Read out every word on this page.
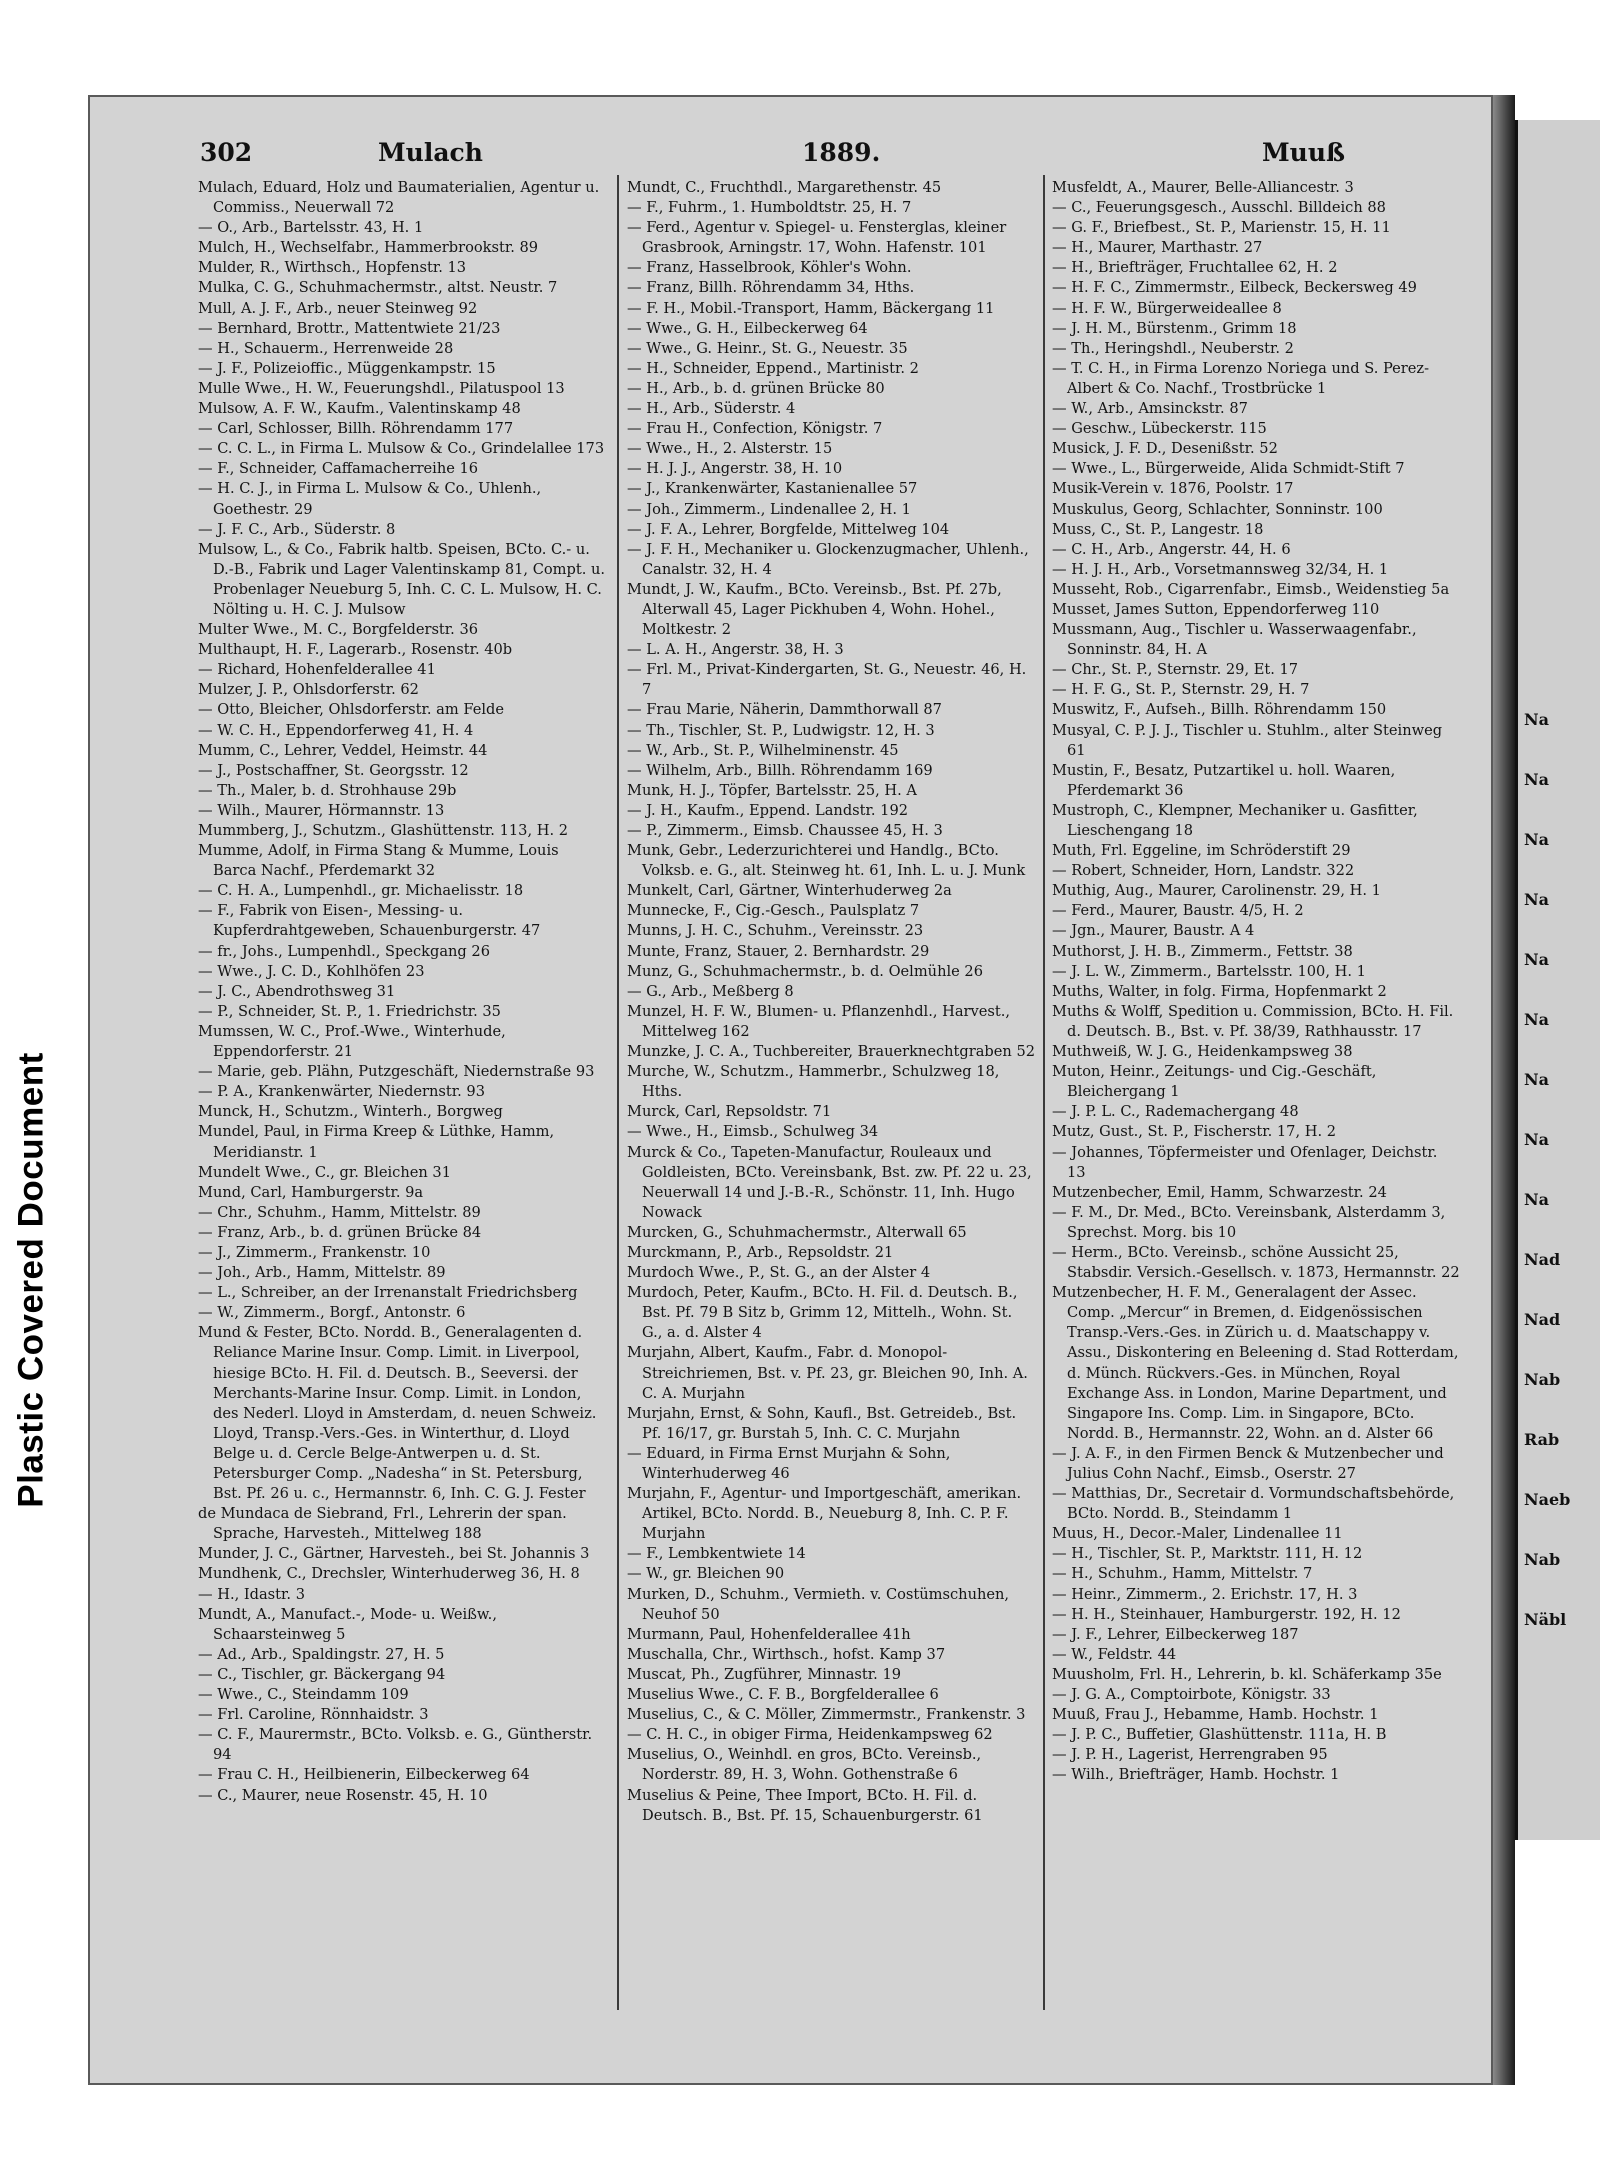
Plastic Covered Document
Na
Na
Na
Na
Na
Na
Na
Na
Na
Nad
Nad
Nab
Rab
Naeb
Nab
Näbl
302	Mulach	1889.	Muuß

Mulach, Eduard, Holz und Baumaterialien, Agentur u. Commiss., Neuerwall 72

— O., Arb., Bartelsstr. 43, H. 1

Mulch, H., Wechselfabr., Hammerbrookstr. 89

Mulder, R., Wirthsch., Hopfenstr. 13

Mulka, C. G., Schuhmachermstr., altst. Neustr. 7

Mull, A. J. F., Arb., neuer Steinweg 92

— Bernhard, Brottr., Mattentwiete 21/23

— H., Schauerm., Herrenweide 28

— J. F., Polizeioffic., Müggenkampstr. 15

Mulle Wwe., H. W., Feuerungshdl., Pilatuspool 13

Mulsow, A. F. W., Kaufm., Valentinskamp 48

— Carl, Schlosser, Billh. Röhrendamm 177

— C. C. L., in Firma L. Mulsow & Co., Grindelallee 173

— F., Schneider, Caffamacherreihe 16

— H. C. J., in Firma L. Mulsow & Co., Uhlenh., Goethestr. 29

— J. F. C., Arb., Süderstr. 8

Mulsow, L., & Co., Fabrik haltb. Speisen, BCto. C.- u. D.-B., Fabrik und Lager Valentinskamp 81, Compt. u. Probenlager Neueburg 5, Inh. C. C. L. Mulsow, H. C. Nölting u. H. C. J. Mulsow

Multer Wwe., M. C., Borgfelderstr. 36

Multhaupt, H. F., Lagerarb., Rosenstr. 40b

— Richard, Hohenfelderallee 41

Mulzer, J. P., Ohlsdorferstr. 62

— Otto, Bleicher, Ohlsdorferstr. am Felde

— W. C. H., Eppendorferweg 41, H. 4

Mumm, C., Lehrer, Veddel, Heimstr. 44

— J., Postschaffner, St. Georgsstr. 12

— Th., Maler, b. d. Strohhause 29b

— Wilh., Maurer, Hörmannstr. 13

Mummberg, J., Schutzm., Glashüttenstr. 113, H. 2

Mumme, Adolf, in Firma Stang & Mumme, Louis Barca Nachf., Pferdemarkt 32

— C. H. A., Lumpenhdl., gr. Michaelisstr. 18

— F., Fabrik von Eisen-, Messing- u. Kupferdrahtgeweben, Schauenburgerstr. 47

— fr., Johs., Lumpenhdl., Speckgang 26

— Wwe., J. C. D., Kohlhöfen 23

— J. C., Abendrothsweg 31

— P., Schneider, St. P., 1. Friedrichstr. 35

Mumssen, W. C., Prof.-Wwe., Winterhude, Eppendorferstr. 21

— Marie, geb. Plähn, Putzgeschäft, Niedernstraße 93

— P. A., Krankenwärter, Niedernstr. 93

Munck, H., Schutzm., Winterh., Borgweg

Mundel, Paul, in Firma Kreep & Lüthke, Hamm, Meridianstr. 1

Mundelt Wwe., C., gr. Bleichen 31

Mund, Carl, Hamburgerstr. 9a

— Chr., Schuhm., Hamm, Mittelstr. 89

— Franz, Arb., b. d. grünen Brücke 84

— J., Zimmerm., Frankenstr. 10

— Joh., Arb., Hamm, Mittelstr. 89

— L., Schreiber, an der Irrenanstalt Friedrichsberg

— W., Zimmerm., Borgf., Antonstr. 6

Mund & Fester, BCto. Nordd. B., Generalagenten d. Reliance Marine Insur. Comp. Limit. in Liverpool, hiesige BCto. H. Fil. d. Deutsch. B., Seeversi. der Merchants-Marine Insur. Comp. Limit. in London, des Nederl. Lloyd in Amsterdam, d. neuen Schweiz. Lloyd, Transp.-Vers.-Ges. in Winterthur, d. Lloyd Belge u. d. Cercle Belge-Antwerpen u. d. St. Petersburger Comp. „Nadesha“ in St. Petersburg, Bst. Pf. 26 u. c., Hermannstr. 6, Inh. C. G. J. Fester

de Mundaca de Siebrand, Frl., Lehrerin der span. Sprache, Harvesteh., Mittelweg 188

Munder, J. C., Gärtner, Harvesteh., bei St. Johannis 3

Mundhenk, C., Drechsler, Winterhuderweg 36, H. 8

— H., Idastr. 3

Mundt, A., Manufact.-, Mode- u. Weißw., Schaarsteinweg 5

— Ad., Arb., Spaldingstr. 27, H. 5

— C., Tischler, gr. Bäckergang 94

— Wwe., C., Steindamm 109

— Frl. Caroline, Rönnhaidstr. 3

— C. F., Maurermstr., BCto. Volksb. e. G., Güntherstr. 94

— Frau C. H., Heilbienerin, Eilbeckerweg 64

— C., Maurer, neue Rosenstr. 45, H. 10

Mundt, C., Fruchthdl., Margarethenstr. 45

— F., Fuhrm., 1. Humboldtstr. 25, H. 7

— Ferd., Agentur v. Spiegel- u. Fensterglas, kleiner Grasbrook, Arningstr. 17, Wohn. Hafenstr. 101

— Franz, Hasselbrook, Köhler's Wohn.

— Franz, Billh. Röhrendamm 34, Hths.

— F. H., Mobil.-Transport, Hamm, Bäckergang 11

— Wwe., G. H., Eilbeckerweg 64

— Wwe., G. Heinr., St. G., Neuestr. 35

— H., Schneider, Eppend., Martinistr. 2

— H., Arb., b. d. grünen Brücke 80

— H., Arb., Süderstr. 4

— Frau H., Confection, Königstr. 7

— Wwe., H., 2. Alsterstr. 15

— H. J. J., Angerstr. 38, H. 10

— J., Krankenwärter, Kastanienallee 57

— Joh., Zimmerm., Lindenallee 2, H. 1

— J. F. A., Lehrer, Borgfelde, Mittelweg 104

— J. F. H., Mechaniker u. Glockenzugmacher, Uhlenh., Canalstr. 32, H. 4

Mundt, J. W., Kaufm., BCto. Vereinsb., Bst. Pf. 27b, Alterwall 45, Lager Pickhuben 4, Wohn. Hohel., Moltkestr. 2

— L. A. H., Angerstr. 38, H. 3

— Frl. M., Privat-Kindergarten, St. G., Neuestr. 46, H. 7

— Frau Marie, Näherin, Dammthorwall 87

— Th., Tischler, St. P., Ludwigstr. 12, H. 3

— W., Arb., St. P., Wilhelminenstr. 45

— Wilhelm, Arb., Billh. Röhrendamm 169

Munk, H. J., Töpfer, Bartelsstr. 25, H. A

— J. H., Kaufm., Eppend. Landstr. 192

— P., Zimmerm., Eimsb. Chaussee 45, H. 3

Munk, Gebr., Lederzurichterei und Handlg., BCto. Volksb. e. G., alt. Steinweg ht. 61, Inh. L. u. J. Munk

Munkelt, Carl, Gärtner, Winterhuderweg 2a

Munnecke, F., Cig.-Gesch., Paulsplatz 7

Munns, J. H. C., Schuhm., Vereinsstr. 23

Munte, Franz, Stauer, 2. Bernhardstr. 29

Munz, G., Schuhmachermstr., b. d. Oelmühle 26

— G., Arb., Meßberg 8

Munzel, H. F. W., Blumen- u. Pflanzenhdl., Harvest., Mittelweg 162

Munzke, J. C. A., Tuchbereiter, Brauerknechtgraben 52

Murche, W., Schutzm., Hammerbr., Schulzweg 18, Hths.

Murck, Carl, Repsoldstr. 71

— Wwe., H., Eimsb., Schulweg 34

Murck & Co., Tapeten-Manufactur, Rouleaux und Goldleisten, BCto. Vereinsbank, Bst. zw. Pf. 22 u. 23, Neuerwall 14 und J.-B.-R., Schönstr. 11, Inh. Hugo Nowack

Murcken, G., Schuhmachermstr., Alterwall 65

Murckmann, P., Arb., Repsoldstr. 21

Murdoch Wwe., P., St. G., an der Alster 4

Murdoch, Peter, Kaufm., BCto. H. Fil. d. Deutsch. B., Bst. Pf. 79 B Sitz b, Grimm 12, Mittelh., Wohn. St. G., a. d. Alster 4

Murjahn, Albert, Kaufm., Fabr. d. Monopol-Streichriemen, Bst. v. Pf. 23, gr. Bleichen 90, Inh. A. C. A. Murjahn

Murjahn, Ernst, & Sohn, Kaufl., Bst. Getreideb., Bst. Pf. 16/17, gr. Burstah 5, Inh. C. C. Murjahn

— Eduard, in Firma Ernst Murjahn & Sohn, Winterhuderweg 46

Murjahn, F., Agentur- und Importgeschäft, amerikan. Artikel, BCto. Nordd. B., Neueburg 8, Inh. C. P. F. Murjahn

— F., Lembkentwiete 14

— W., gr. Bleichen 90

Murken, D., Schuhm., Vermieth. v. Costümschuhen, Neuhof 50

Murmann, Paul, Hohenfelderallee 41h

Muschalla, Chr., Wirthsch., hofst. Kamp 37

Muscat, Ph., Zugführer, Minnastr. 19

Muselius Wwe., C. F. B., Borgfelderallee 6

Muselius, C., & C. Möller, Zimmermstr., Frankenstr. 3

— C. H. C., in obiger Firma, Heidenkampsweg 62

Muselius, O., Weinhdl. en gros, BCto. Vereinsb., Norderstr. 89, H. 3, Wohn. Gothenstraße 6

Muselius & Peine, Thee Import, BCto. H. Fil. d. Deutsch. B., Bst. Pf. 15, Schauenburgerstr. 61

Musfeldt, A., Maurer, Belle-Alliancestr. 3

— C., Feuerungsgesch., Ausschl. Billdeich 88

— G. F., Briefbest., St. P., Marienstr. 15, H. 11

— H., Maurer, Marthastr. 27

— H., Briefträger, Fruchtallee 62, H. 2

— H. F. C., Zimmermstr., Eilbeck, Beckersweg 49

— H. F. W., Bürgerweideallee 8

— J. H. M., Bürstenm., Grimm 18

— Th., Heringshdl., Neuberstr. 2

— T. C. H., in Firma Lorenzo Noriega und S. Perez-Albert & Co. Nachf., Trostbrücke 1

— W., Arb., Amsinckstr. 87

— Geschw., Lübeckerstr. 115

Musick, J. F. D., Desenißstr. 52

— Wwe., L., Bürgerweide, Alida Schmidt-Stift 7

Musik-Verein v. 1876, Poolstr. 17

Muskulus, Georg, Schlachter, Sonninstr. 100

Muss, C., St. P., Langestr. 18

— C. H., Arb., Angerstr. 44, H. 6

— H. J. H., Arb., Vorsetmannsweg 32/34, H. 1

Musseht, Rob., Cigarrenfabr., Eimsb., Weidenstieg 5a

Musset, James Sutton, Eppendorferweg 110

Mussmann, Aug., Tischler u. Wasserwaagenfabr., Sonninstr. 84, H. A

— Chr., St. P., Sternstr. 29, Et. 17

— H. F. G., St. P., Sternstr. 29, H. 7

Muswitz, F., Aufseh., Billh. Röhrendamm 150

Musyal, C. P. J. J., Tischler u. Stuhlm., alter Steinweg 61

Mustin, F., Besatz, Putzartikel u. holl. Waaren, Pferdemarkt 36

Mustroph, C., Klempner, Mechaniker u. Gasfitter, Lieschengang 18

Muth, Frl. Eggeline, im Schröderstift 29

— Robert, Schneider, Horn, Landstr. 322

Muthig, Aug., Maurer, Carolinenstr. 29, H. 1

— Ferd., Maurer, Baustr. 4/5, H. 2

— Jgn., Maurer, Baustr. A 4

Muthorst, J. H. B., Zimmerm., Fettstr. 38

— J. L. W., Zimmerm., Bartelsstr. 100, H. 1

Muths, Walter, in folg. Firma, Hopfenmarkt 2

Muths & Wolff, Spedition u. Commission, BCto. H. Fil. d. Deutsch. B., Bst. v. Pf. 38/39, Rathhausstr. 17

Muthweiß, W. J. G., Heidenkampsweg 38

Muton, Heinr., Zeitungs- und Cig.-Geschäft, Bleichergang 1

— J. P. L. C., Rademachergang 48

Mutz, Gust., St. P., Fischerstr. 17, H. 2

— Johannes, Töpfermeister und Ofenlager, Deichstr. 13

Mutzenbecher, Emil, Hamm, Schwarzestr. 24

— F. M., Dr. Med., BCto. Vereinsbank, Alsterdamm 3, Sprechst. Morg. bis 10

— Herm., BCto. Vereinsb., schöne Aussicht 25, Stabsdir. Versich.-Gesellsch. v. 1873, Hermannstr. 22

Mutzenbecher, H. F. M., Generalagent der Assec. Comp. „Mercur“ in Bremen, d. Eidgenössischen Transp.-Vers.-Ges. in Zürich u. d. Maatschappy v. Assu., Diskontering en Beleening d. Stad Rotterdam, d. Münch. Rückvers.-Ges. in München, Royal Exchange Ass. in London, Marine Department, und Singapore Ins. Comp. Lim. in Singapore, BCto. Nordd. B., Hermannstr. 22, Wohn. an d. Alster 66

— J. A. F., in den Firmen Benck & Mutzenbecher und Julius Cohn Nachf., Eimsb., Oserstr. 27

— Matthias, Dr., Secretair d. Vormundschaftsbehörde, BCto. Nordd. B., Steindamm 1

Muus, H., Decor.-Maler, Lindenallee 11

— H., Tischler, St. P., Marktstr. 111, H. 12

— H., Schuhm., Hamm, Mittelstr. 7

— Heinr., Zimmerm., 2. Erichstr. 17, H. 3

— H. H., Steinhauer, Hamburgerstr. 192, H. 12

— J. F., Lehrer, Eilbeckerweg 187

— W., Feldstr. 44

Muusholm, Frl. H., Lehrerin, b. kl. Schäferkamp 35e

— J. G. A., Comptoirbote, Königstr. 33

Muuß, Frau J., Hebamme, Hamb. Hochstr. 1

— J. P. C., Buffetier, Glashüttenstr. 111a, H. B

— J. P. H., Lagerist, Herrengraben 95

— Wilh., Briefträger, Hamb. Hochstr. 1
